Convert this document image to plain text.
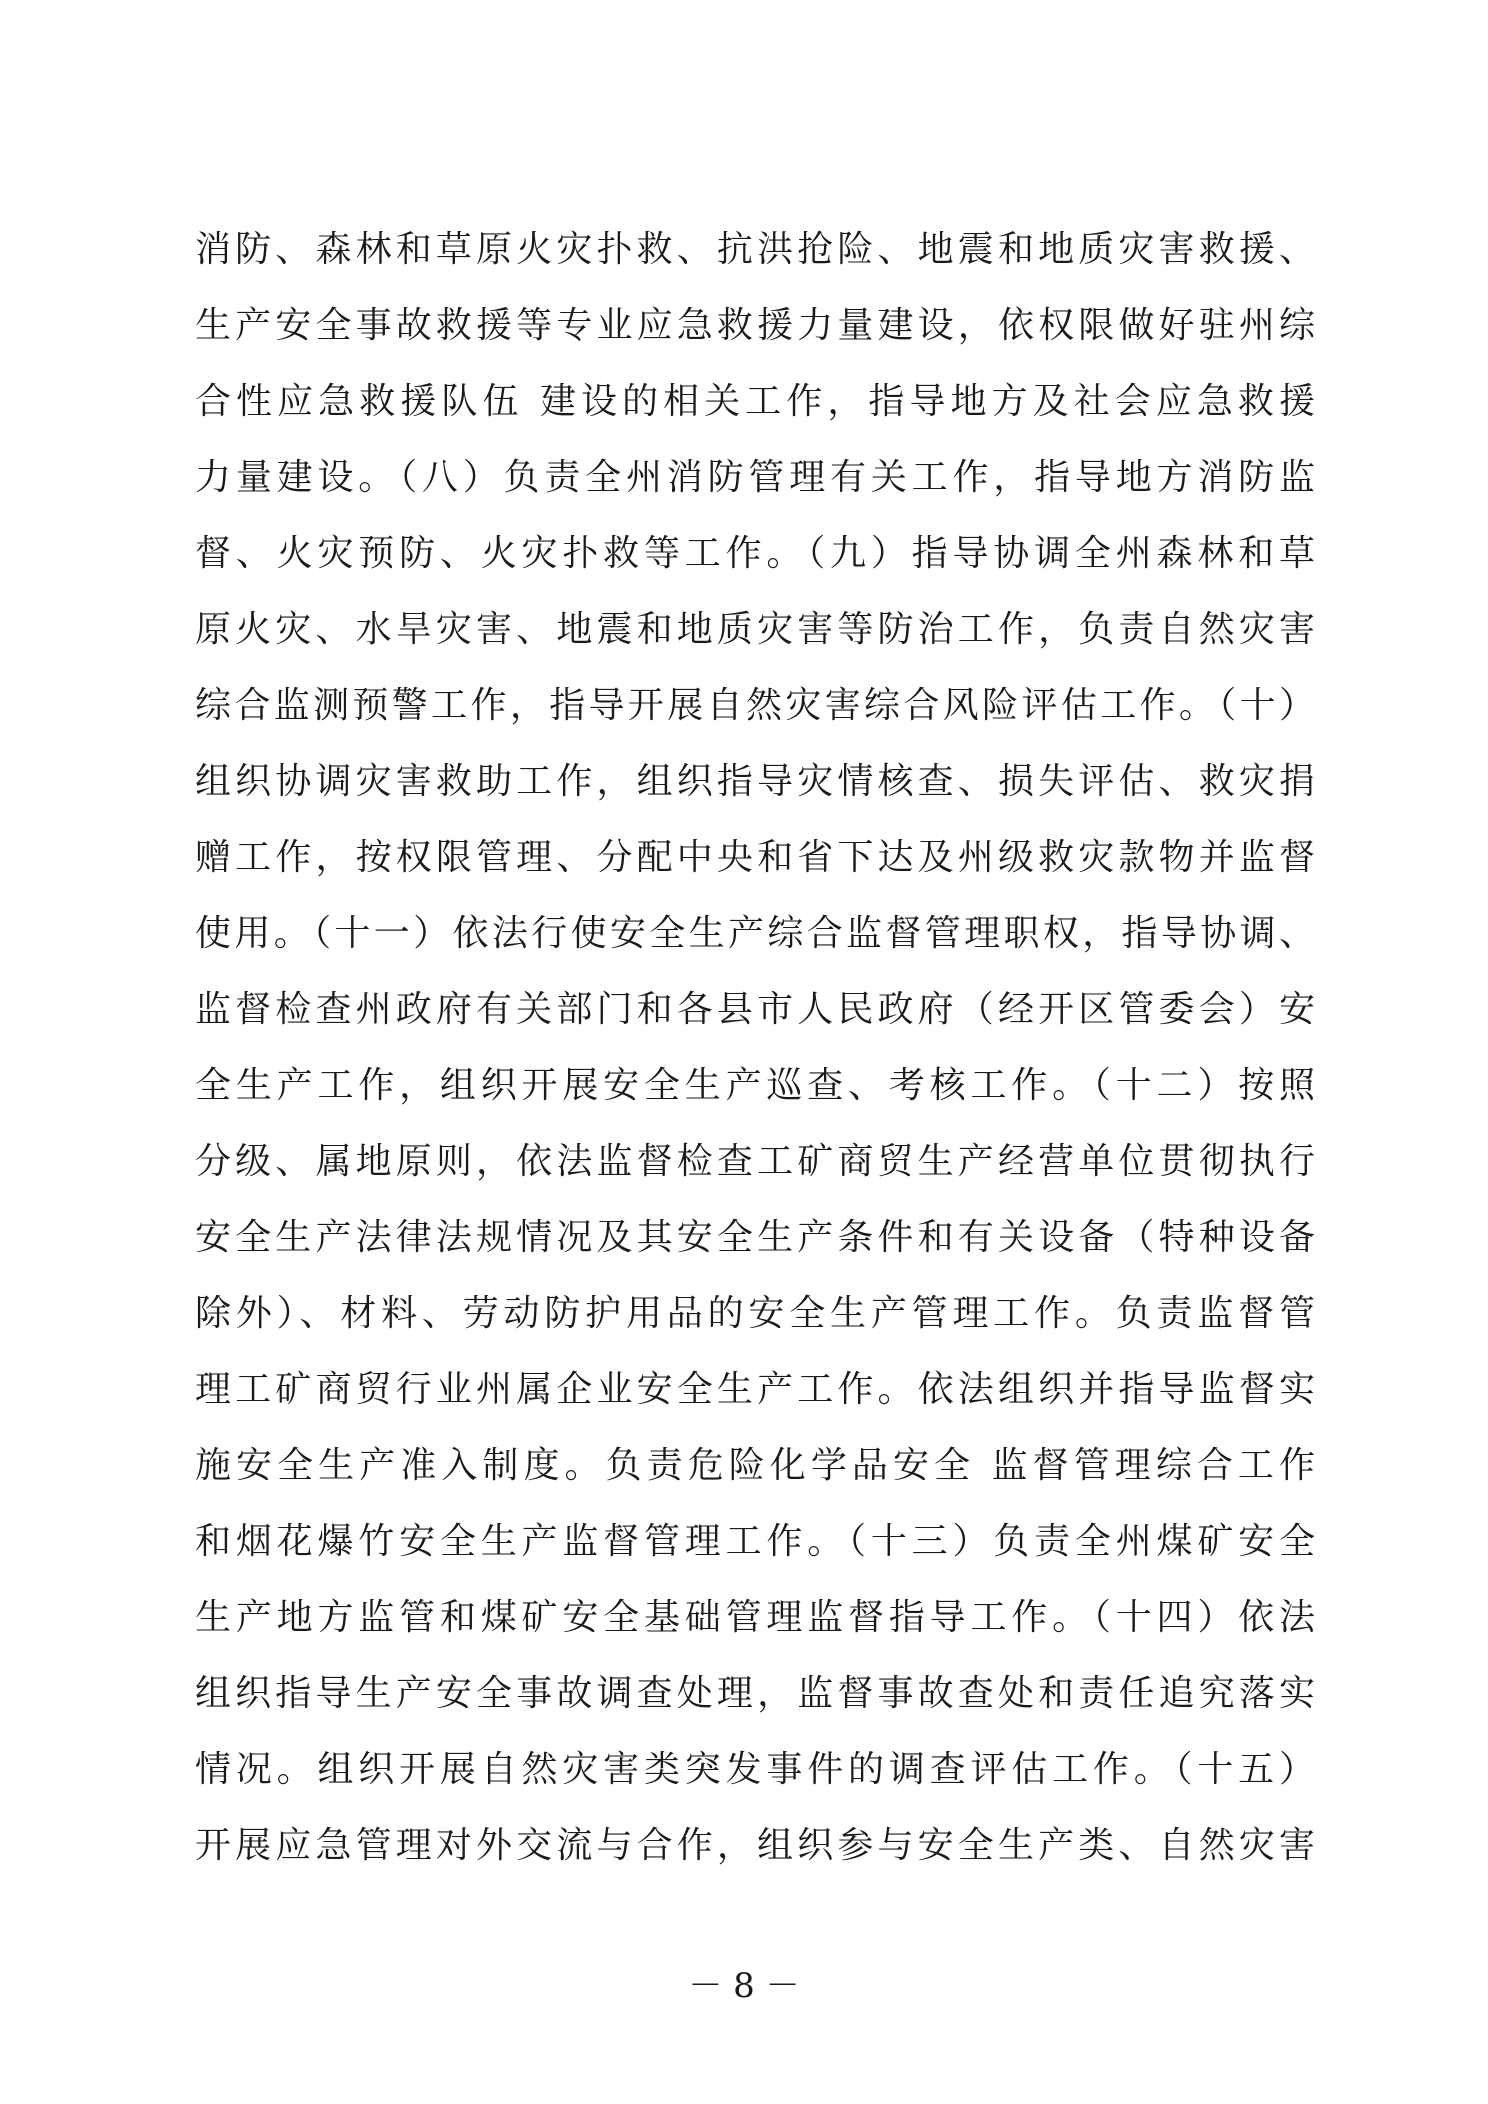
消防、森林和草原火灾扑救、抗洪抢险、地震和地质灾害救援、
生产安全事故救援等专业应急救援力量建设，依权限做好驻州综
合性应急救援队伍 建设的相关工作，指导地方及社会应急救援
力量建设。（八）负责全州消防管理有关工作，指导地方消防监
督、火灾预防、火灾扑救等工作。（九）指导协调全州森林和草
原火灾、水旱灾害、地震和地质灾害等防治工作，负责自然灾害
综合监测预警工作，指导开展自然灾害综合风险评估工作。（十）
组织协调灾害救助工作，组织指导灾情核查、损失评估、救灾捐
赠工作，按权限管理、分配中央和省下达及州级救灾款物并监督
使用。（十一）依法行使安全生产综合监督管理职权，指导协调、
监督检查州政府有关部门和各县市人民政府（经开区管委会）安
全生产工作，组织开展安全生产巡查、考核工作。（十二）按照
分级、属地原则，依法监督检查工矿商贸生产经营单位贯彻执行
安全生产法律法规情况及其安全生产条件和有关设备（特种设备
除外）、材料、劳动防护用品的安全生产管理工作。负责监督管
理工矿商贸行业州属企业安全生产工作。依法组织并指导监督实
施安全生产准入制度。负责危险化学品安全 监督管理综合工作
和烟花爆竹安全生产监督管理工作。（十三）负责全州煤矿安全
生产地方监管和煤矿安全基础管理监督指导工作。（十四）依法
组织指导生产安全事故调查处理，监督事故查处和责任追究落实
情况。组织开展自然灾害类突发事件的调查评估工作。（十五）
开展应急管理对外交流与合作，组织参与安全生产类、自然灾害
－ 8 －
